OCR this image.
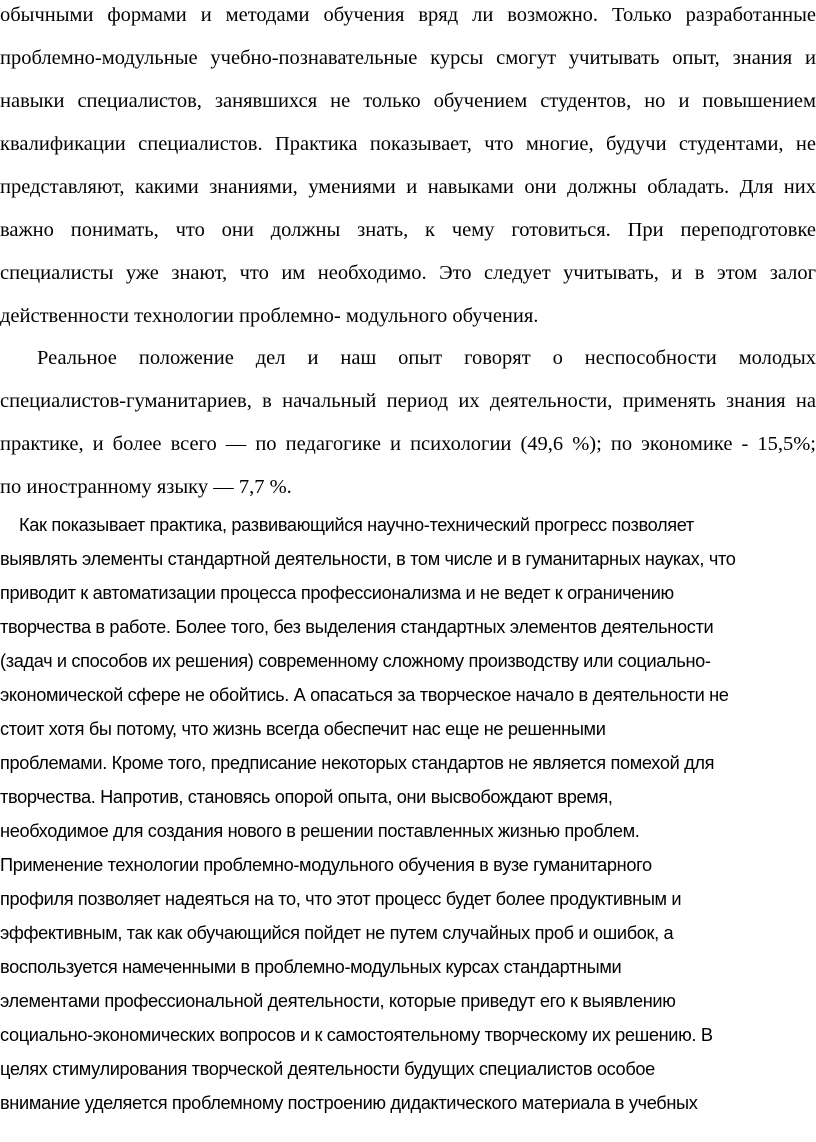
обычными формами и методами обучения вряд ли возможно. Только разработанные
проблемно-модульные учебно-познавательные курсы смогут учитывать опыт, знания и
навыки специалистов, занявшихся не только обучением студентов, но и повышением
квалификации специалистов. Практика показывает, что многие, будучи студентами, не
представляют, какими знаниями, умениями и навыками они должны обладать. Для них
важно понимать, что они должны знать, к чему готовиться. При переподготовке
специалисты уже знают, что им необходимо. Это следует учитывать, и в этом залог
действенности технологии проблемно- модульного обучения.
Реальное положение дел и наш опыт говорят о неспособности молодых
специалистов-гуманитариев, в начальный период их деятельности, применять знания на
практике, и более всего — по педагогике и психологии (49,6 %); по экономике - 15,5%;
по иностранному языку — 7,7 %.
Как показывает практика, развивающийся научно-технический прогресс позволяет
выявлять элементы стандартной деятельности, в том числе и в гуманитарных науках, что
приводит к автоматизации процесса профессионализма и не ведет к ограничению
творчества в работе. Более того, без выделения стандартных элементов деятельности
(задач и способов их решения) современному сложному производству или социально-
экономической сфере не обойтись. А опасаться за творческое начало в деятельности не
стоит хотя бы потому, что жизнь всегда обеспечит нас еще не решенными
проблемами. Кроме того, предписание некоторых стандартов не является помехой для
творчества. Напротив, становясь опорой опыта, они высвобождают время,
необходимое для создания нового в решении поставленных жизнью проблем.
Применение технологии проблемно-модульного обучения в вузе гуманитарного
профиля позволяет надеяться на то, что этот процесс будет более продуктивным и
эффективным, так как обучающийся пойдет не путем случайных проб и ошибок, а
воспользуется намеченными в проблемно-модульных курсах стандартными
элементами профессиональной деятельности, которые приведут его к выявлению
социально-экономических вопросов и к самостоятельному творческому их решению. В
целях стимулирования творческой деятельности будущих специалистов особое
внимание уделяется проблемному построению дидактического материала в учебных
